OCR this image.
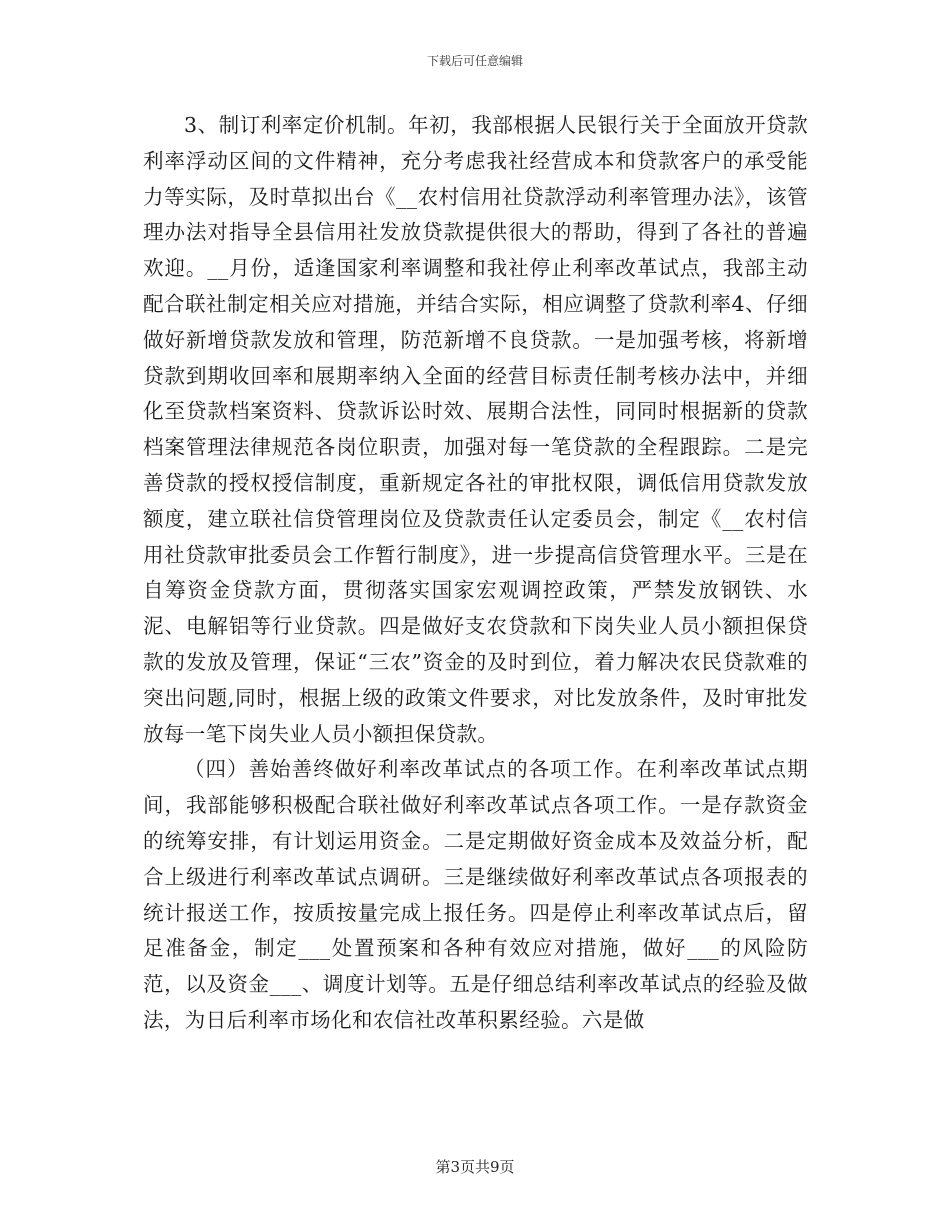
下载后可任意编辑

3、制订利率定价机制。年初，我部根据人民银行关于全面放开贷款利率浮动区间的文件精神，充分考虑我社经营成本和贷款客户的承受能力等实际，及时草拟出台《__农村信用社贷款浮动利率管理办法》，该管理办法对指导全县信用社发放贷款提供很大的帮助，得到了各社的普遍欢迎。__月份，适逢国家利率调整和我社停止利率改革试点，我部主动配合联社制定相关应对措施，并结合实际，相应调整了贷款利率4、仔细做好新增贷款发放和管理，防范新增不良贷款。一是加强考核，将新增贷款到期收回率和展期率纳入全面的经营目标责任制考核办法中，并细化至贷款档案资料、贷款诉讼时效、展期合法性，同同时根据新的贷款档案管理法律规范各岗位职责，加强对每一笔贷款的全程跟踪。二是完善贷款的授权授信制度，重新规定各社的审批权限，调低信用贷款发放额度，建立联社信贷管理岗位及贷款责任认定委员会，制定《__农村信用社贷款审批委员会工作暂行制度》，进一步提高信贷管理水平。三是在自筹资金贷款方面，贯彻落实国家宏观调控政策，严禁发放钢铁、水泥、电解铝等行业贷款。四是做好支农贷款和下岗失业人员小额担保贷款的发放及管理，保证“三农”资金的及时到位，着力解决农民贷款难的突出问题,同时，根据上级的政策文件要求，对比发放条件，及时审批发放每一笔下岗失业人员小额担保贷款。

（四）善始善终做好利率改革试点的各项工作。在利率改革试点期间，我部能够积极配合联社做好利率改革试点各项工作。一是存款资金的统筹安排，有计划运用资金。二是定期做好资金成本及效益分析，配合上级进行利率改革试点调研。三是继续做好利率改革试点各项报表的统计报送工作，按质按量完成上报任务。四是停止利率改革试点后，留足准备金，制定___处置预案和各种有效应对措施，做好___的风险防范，以及资金___、调度计划等。五是仔细总结利率改革试点的经验及做法，为日后利率市场化和农信社改革积累经验。六是做

第3页共9页
